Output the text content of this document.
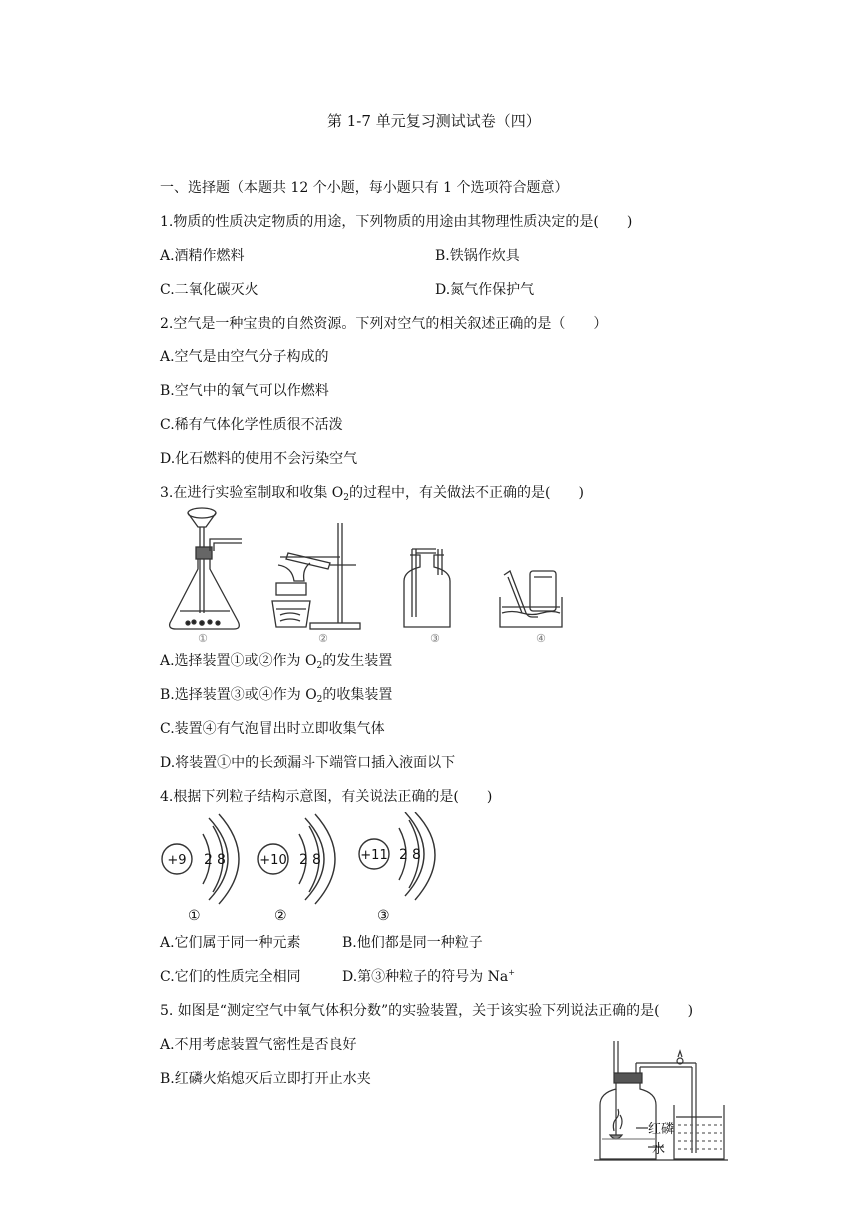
第 1-7 单元复习测试试卷（四）
一、选择题（本题共 12 个小题，每小题只有 1 个选项符合题意）
1.物质的性质决定物质的用途，下列物质的用途由其物理性质决定的是(　　)
A.酒精作燃料	B.铁锅作炊具
C.二氧化碳灭火	D.氮气作保护气
2.空气是一种宝贵的自然资源。下列对空气的相关叙述正确的是（　　）
A.空气是由空气分子构成的
B.空气中的氧气可以作燃料
C.稀有气体化学性质很不活泼
D.化石燃料的使用不会污染空气
3.在进行实验室制取和收集 $O_2$的过程中，有关做法不正确的是(　　)
①	②	③	④
A.选择装置①或②作为 $O_2$的发生装置
B.选择装置③或④作为 $O_2$的收集装置
C.装置④有气泡冒出时立即收集气体
D.将装置①中的长颈漏斗下端管口插入液面以下
4.根据下列粒子结构示意图，有关说法正确的是(　　)
+9 2 8
①
+10 2 8
②
+11 2 8
③
A.它们属于同一种元素	B.他们都是同一种粒子
C.它们的性质完全相同	D.第③种粒子的符号为 Na+
5. 如图是“测定空气中氧气体积分数”的实验装置，关于该实验下列说法正确的是(　　)
A.不用考虑装置气密性是否良好
B.红磷火焰熄灭后立即打开止水夹
红磷
水
